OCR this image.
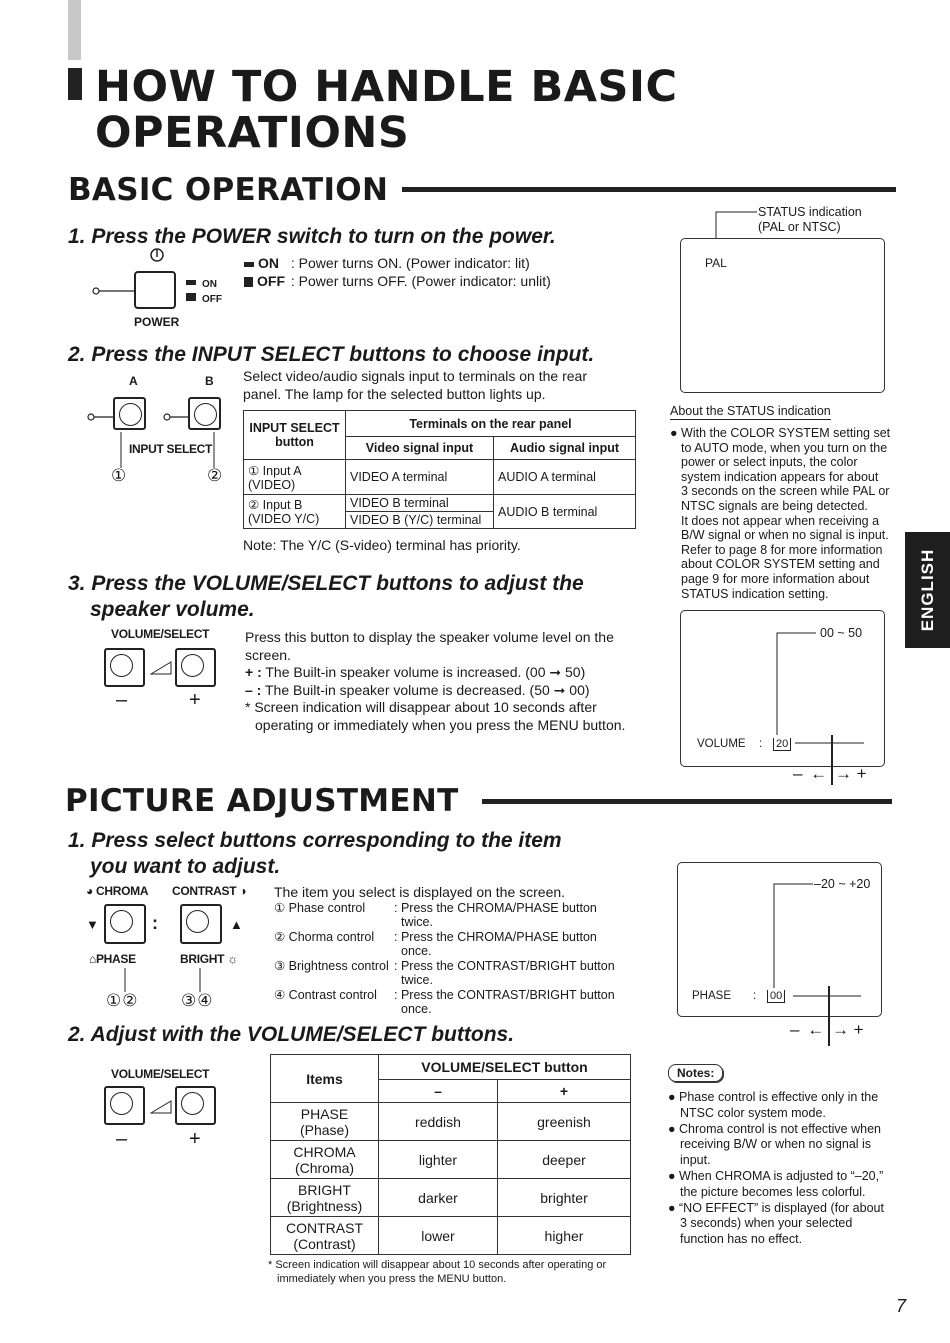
HOW TO HANDLE BASIC
OPERATIONS
BASIC OPERATION
1. Press the POWER switch to turn on the power.
ON
OFF
POWER
ON : Power turns ON. (Power indicator: lit)
OFF : Power turns OFF. (Power indicator: unlit)
2. Press the INPUT SELECT buttons to choose input.
A	B
INPUT SELECT
①	②
Select video/audio signals input to terminals on the rear
panel. The lamp for the selected button lights up.
INPUT SELECT button	Terminals on the rear panel	
	Video signal input	Audio signal input
① Input A (VIDEO)	VIDEO A terminal	AUDIO A terminal
② Input B (VIDEO Y/C)	VIDEO B terminal	AUDIO B terminal
	VIDEO B (Y/C) terminal	
Note: The Y/C (S-video) terminal has priority.
3. Press the VOLUME/SELECT buttons to adjust the
speaker volume.
VOLUME/SELECT
–	+
Press this button to display the speaker volume level on the
screen.
+ : The Built-in speaker volume is increased. (00 ➞ 50)
– : The Built-in speaker volume is decreased. (50 ➞ 00)
* Screen indication will disappear about 10 seconds after
operating or immediately when you press the MENU button.
STATUS indication
(PAL or NTSC)
PAL
About the STATUS indication
● With the COLOR SYSTEM setting set
to AUTO mode, when you turn on the
power or select inputs, the color
system indication appears for about
3 seconds on the screen while PAL or
NTSC signals are being detected.
It does not appear when receiving a
B/W signal or when no signal is input.
Refer to page 8 for more information
about COLOR SYSTEM setting and
page 9 for more information about
STATUS indication setting.	ENGLISH
00 ~ 50
VOLUME : 20
– ← → +
PICTURE ADJUSTMENT
1. Press select buttons corresponding to the item
you want to adjust.
◕ CHROMA CONTRAST ◑
▼	:	▲
⌂PHASE	BRIGHT ☼
①②	③④
The item you select is displayed on the screen.
① Phase control : Press the CHROMA/PHASE button
twice.
② Chorma control : Press the CHROMA/PHASE button
once.
③ Brightness control : Press the CONTRAST/BRIGHT button
twice.
④ Contrast control : Press the CONTRAST/BRIGHT button
once.
–20 ~ +20
PHASE : 00
– ← → +
2. Adjust with the VOLUME/SELECT buttons.
VOLUME/SELECT
–	+
Items	VOLUME/SELECT button	
	–	+

PHASE
(Phase)	reddish	greenish

CHROMA
(Chroma)	lighter	deeper

BRIGHT
(Brightness)	darker	brighter

CONTRAST
(Contrast)	lower	higher
* Screen indication will disappear about 10 seconds after operating or
immediately when you press the MENU button.
Notes:
● Phase control is effective only in the
NTSC color system mode.
● Chroma control is not effective when
receiving B/W or when no signal is
input.
● When CHROMA is adjusted to “–20,”
the picture becomes less colorful.
● “NO EFFECT” is displayed (for about
3 seconds) when your selected
function has no effect.
7
